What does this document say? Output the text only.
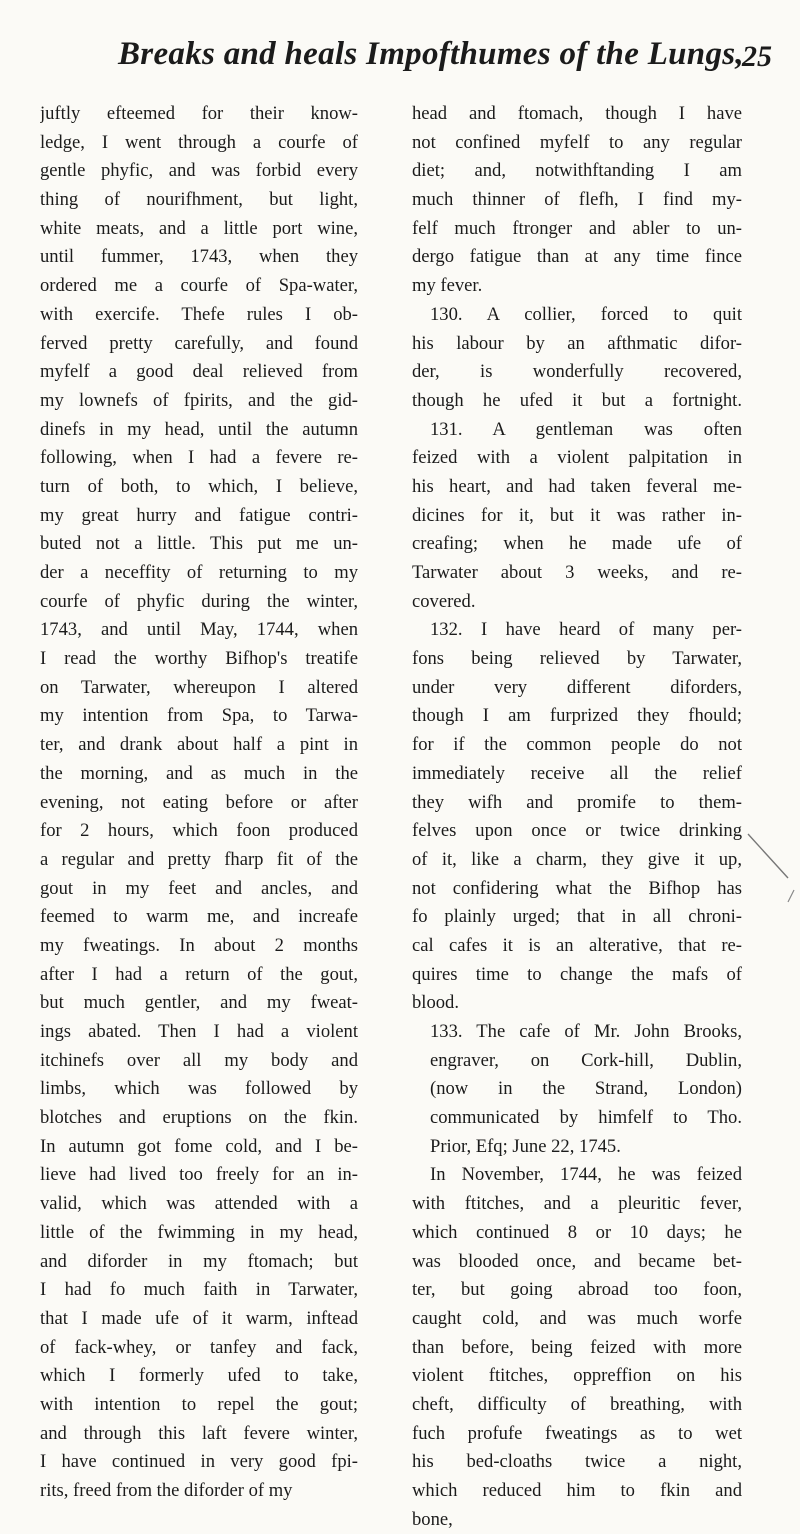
Breaks and heals Impofthumes of the Lungs,
25
juftly efteemed for their know-
ledge, I went through a courfe of
gentle phyfic, and was forbid every
thing of nourifhment, but light,
white meats, and a little port wine,
until fummer, 1743, when they
ordered me a courfe of Spa-water,
with exercife. Thefe rules I ob-
ferved pretty carefully, and found
myfelf a good deal relieved from
my lownefs of fpirits, and the gid-
dinefs in my head, until the autumn
following, when I had a fevere re-
turn of both, to which, I believe,
my great hurry and fatigue contri-
buted not a little. This put me un-
der a neceffity of returning to my
courfe of phyfic during the winter,
1743, and until May, 1744, when
I read the worthy Bifhop's treatife
on Tarwater, whereupon I altered
my intention from Spa, to Tarwa-
ter, and drank about half a pint in
the morning, and as much in the
evening, not eating before or after
for 2 hours, which foon produced
a regular and pretty fharp fit of the
gout in my feet and ancles, and
feemed to warm me, and increafe
my fweatings. In about 2 months
after I had a return of the gout,
but much gentler, and my fweat-
ings abated. Then I had a violent
itchinefs over all my body and
limbs, which was followed by
blotches and eruptions on the fkin.
In autumn got fome cold, and I be-
lieve had lived too freely for an in-
valid, which was attended with a
little of the fwimming in my head,
and diforder in my ftomach; but
I had fo much faith in Tarwater,
that I made ufe of it warm, inftead
of fack-whey, or tanfey and fack,
which I formerly ufed to take,
with intention to repel the gout;
and through this laft fevere winter,
I have continued in very good fpi-
rits, freed from the diforder of my
head and ftomach, though I have
not confined myfelf to any regular
diet; and, notwithftanding I am
much thinner of flefh, I find my-
felf much ftronger and abler to un-
dergo fatigue than at any time fince
my fever.
130. A collier, forced to quit
his labour by an afthmatic difor-
der, is wonderfully recovered,
though he ufed it but a fortnight.
131. A gentleman was often
feized with a violent palpitation in
his heart, and had taken feveral me-
dicines for it, but it was rather in-
creafing; when he made ufe of
Tarwater about 3 weeks, and re-
covered.
132. I have heard of many per-
fons being relieved by Tarwater,
under very different diforders,
though I am furprized they fhould;
for if the common people do not
immediately receive all the relief
they wifh and promife to them-
felves upon once or twice drinking
of it, like a charm, they give it up,
not confidering what the Bifhop has
fo plainly urged; that in all chroni-
cal cafes it is an alterative, that re-
quires time to change the mafs of
blood.
133. The cafe of Mr. John Brooks,
engraver, on Cork-hill, Dublin,
(now in the Strand, London)
communicated by himfelf to Tho.
Prior, Efq; June 22, 1745.
In November, 1744, he was feized
with ftitches, and a pleuritic fever,
which continued 8 or 10 days; he
was blooded once, and became bet-
ter, but going abroad too foon,
caught cold, and was much worfe
than before, being feized with more
violent ftitches, oppreffion on his
cheft, difficulty of breathing, with
fuch profufe fweatings as to wet
his bed-cloaths twice a night,
which reduced him to fkin and
bone,
